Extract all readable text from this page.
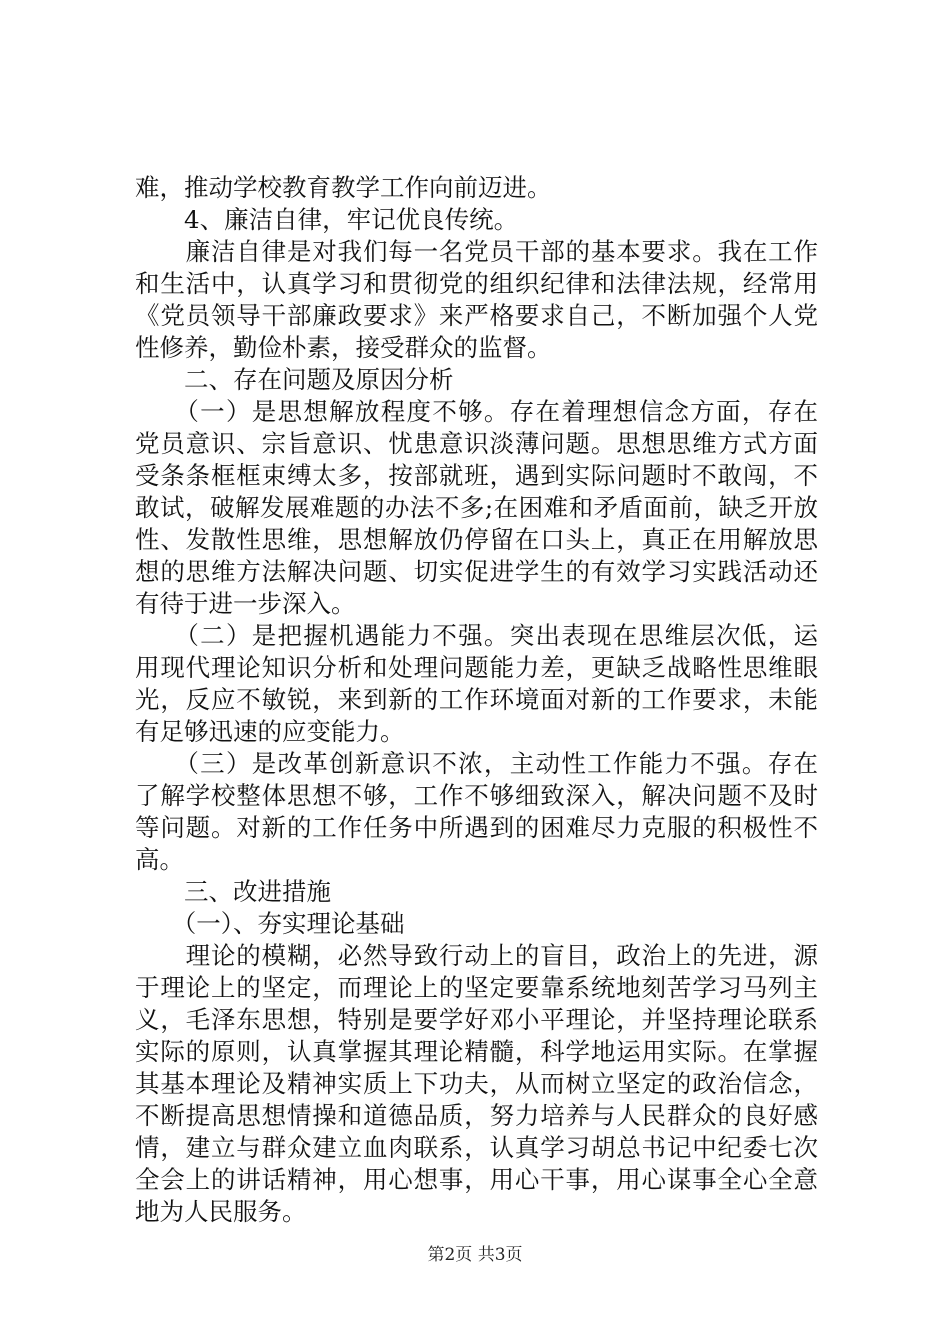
难，推动学校教育教学工作向前迈进。
　　4、廉洁自律，牢记优良传统。
　　廉洁自律是对我们每一名党员干部的基本要求。我在工作
和生活中，认真学习和贯彻党的组织纪律和法律法规，经常用
《党员领导干部廉政要求》来严格要求自己，不断加强个人党
性修养，勤俭朴素，接受群众的监督。
　　二、存在问题及原因分析
　　（一）是思想解放程度不够。存在着理想信念方面，存在
党员意识、宗旨意识、忧患意识淡薄问题。思想思维方式方面
受条条框框束缚太多，按部就班，遇到实际问题时不敢闯，不
敢试，破解发展难题的办法不多;在困难和矛盾面前，缺乏开放
性、发散性思维，思想解放仍停留在口头上，真正在用解放思
想的思维方法解决问题、切实促进学生的有效学习实践活动还
有待于进一步深入。
　　（二）是把握机遇能力不强。突出表现在思维层次低，运
用现代理论知识分析和处理问题能力差，更缺乏战略性思维眼
光，反应不敏锐，来到新的工作环境面对新的工作要求，未能
有足够迅速的应变能力。
　　（三）是改革创新意识不浓，主动性工作能力不强。存在
了解学校整体思想不够，工作不够细致深入，解决问题不及时
等问题。对新的工作任务中所遇到的困难尽力克服的积极性不
高。
　　三、改进措施
　　（一）、夯实理论基础
　　理论的模糊，必然导致行动上的盲目，政治上的先进，源
于理论上的坚定，而理论上的坚定要靠系统地刻苦学习马列主
义，毛泽东思想，特别是要学好邓小平理论，并坚持理论联系
实际的原则，认真掌握其理论精髓，科学地运用实际。在掌握
其基本理论及精神实质上下功夫，从而树立坚定的政治信念，
不断提高思想情操和道德品质，努力培养与人民群众的良好感
情，建立与群众建立血肉联系，认真学习胡总书记中纪委七次
全会上的讲话精神，用心想事，用心干事，用心谋事全心全意
地为人民服务。
第2页 共3页
